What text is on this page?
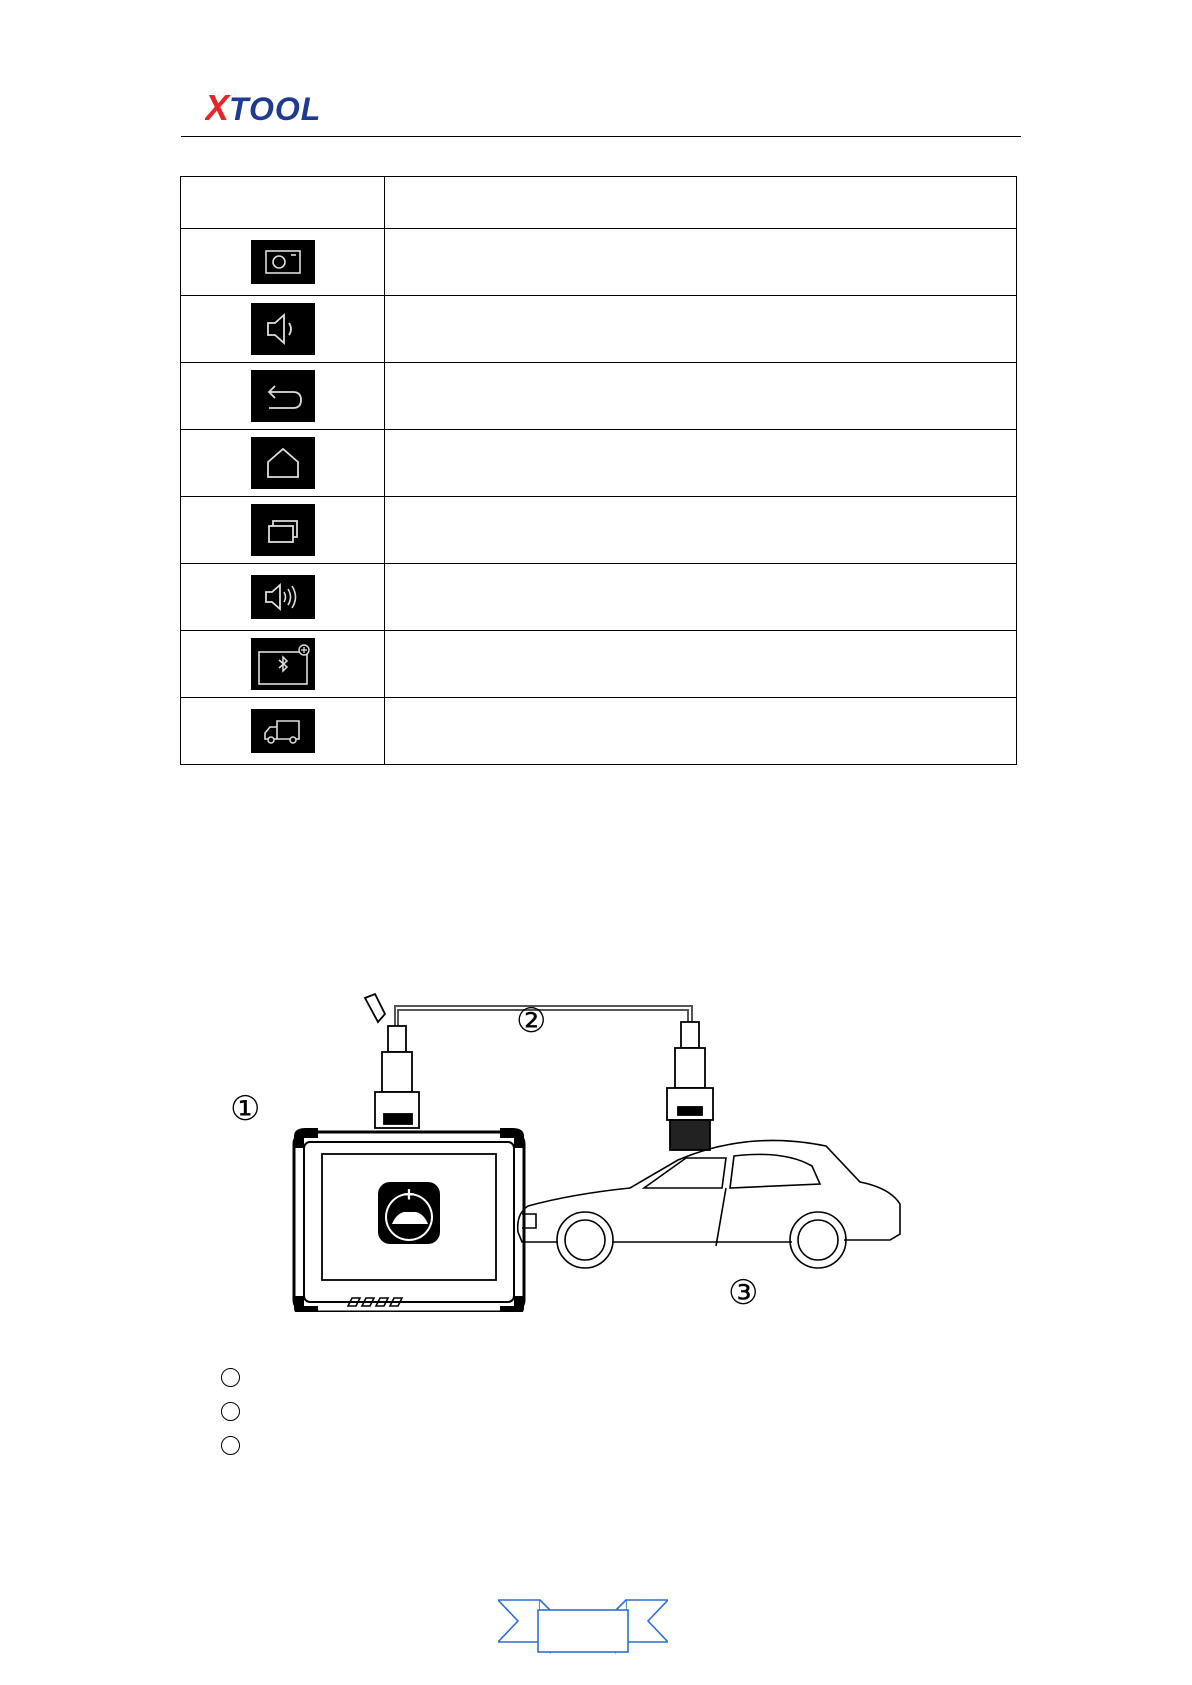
X TOOL

+
①
②
③
